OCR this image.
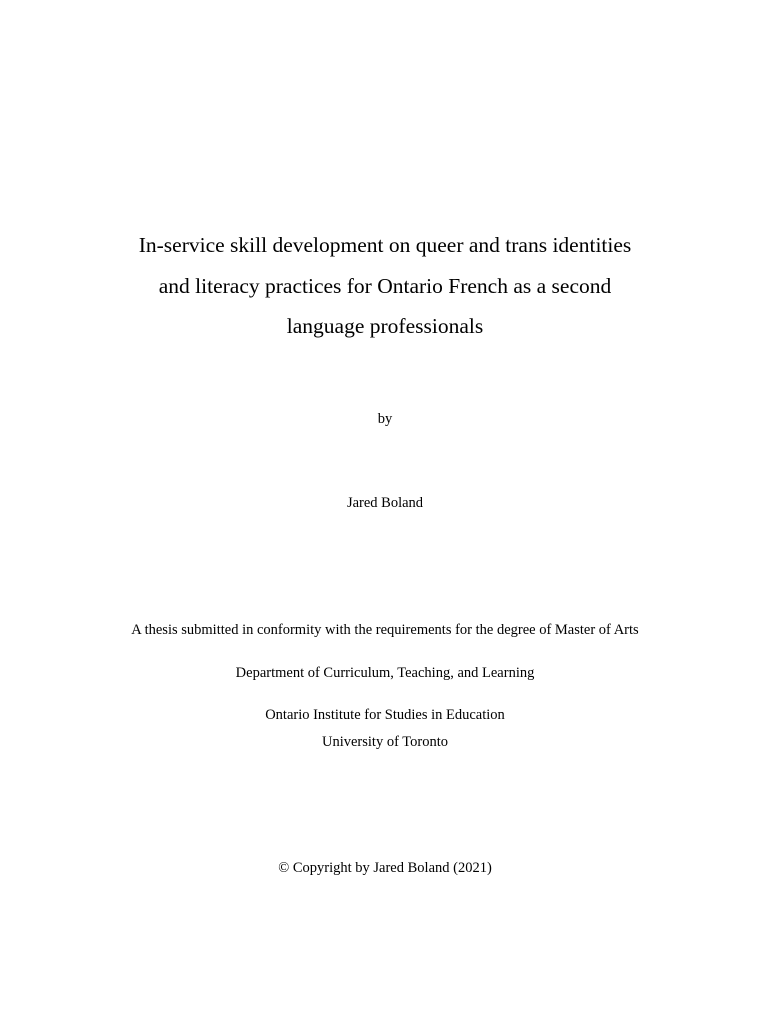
In-service skill development on queer and trans identities
and literacy practices for Ontario French as a second
language professionals
by
Jared Boland
A thesis submitted in conformity with the requirements for the degree of Master of Arts
Department of Curriculum, Teaching, and Learning
Ontario Institute for Studies in Education
University of Toronto
© Copyright by Jared Boland (2021)
